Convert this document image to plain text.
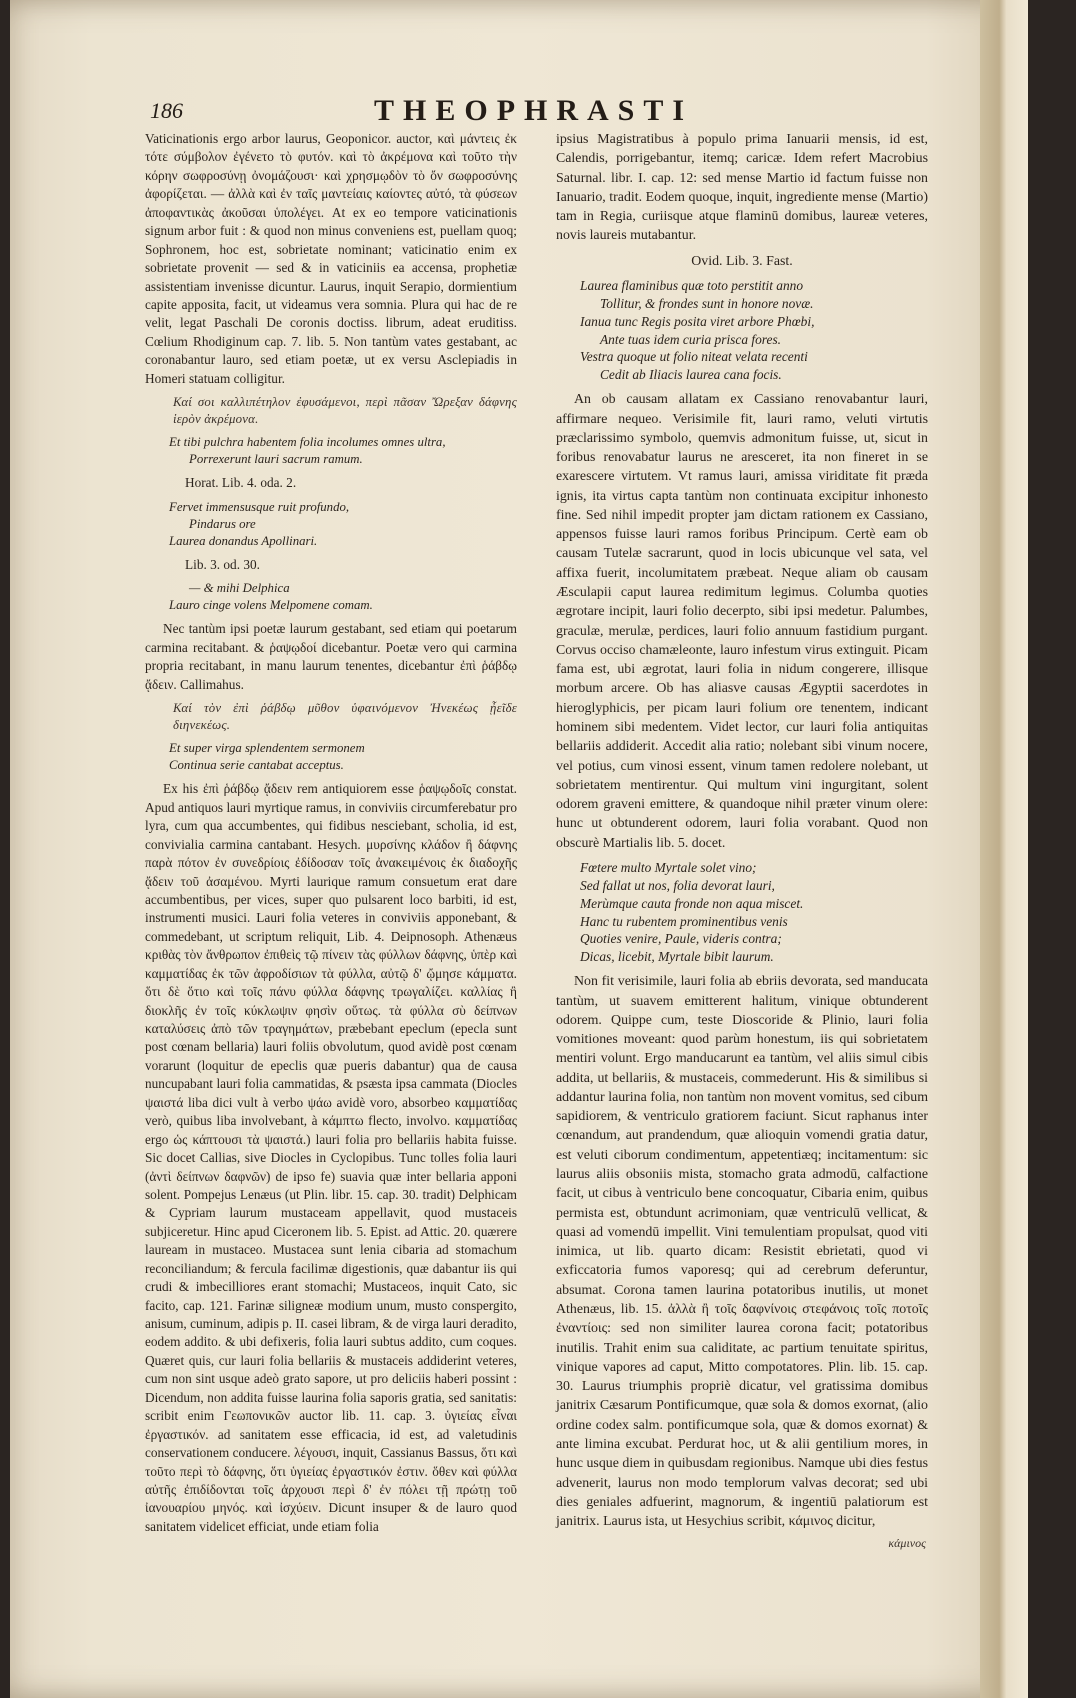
186	THEOPHRASTI

Vaticinationis ergo arbor laurus, Geoponicor. auctor, καὶ μάντεις ἐκ τότε σύμβολον ἐγένετο τὸ φυτόν. καὶ τὸ ἀκρέμονα καὶ τοῦτο τὴν κόρην σωφροσύνῃ ὀνομάζουσι· καὶ χρησμῳδὸν τὸ ὄν σωφροσύνης ἀφορίζεται. — ἀλλὰ καὶ ἐν ταῖς μαντείαις καίοντες αὐτό, τὰ φύσεων ἀποφαντικὰς ἀκοῦσαι ὑπολέγει. At ex eo tempore vaticinationis signum arbor fuit : & quod non minus conveniens est, puellam quoq; Sophronem, hoc est, sobrietate nominant; vaticinatio enim ex sobrietate provenit — sed & in vaticiniis ea accensa, prophetiæ assistentiam invenisse dicuntur. Laurus, inquit Serapio, dormientium capite apposita, facit, ut videamus vera somnia. Plura qui hac de re velit, legat Paschali De coronis doctiss. librum, adeat eruditiss. Cœlium Rhodiginum cap. 7. lib. 5. Non tantùm vates gestabant, ac coronabantur lauro, sed etiam poetæ, ut ex versu Asclepiadis in Homeri statuam colligitur.

Καί σοι καλλιπέτηλον ἐφυσάμενοι, περὶ πᾶσαν Ὤρεξαν δάφνης ἱερὸν ἀκρέμονα.
Et tibi pulchra habentem folia incolumes omnes ultra,
Porrexerunt lauri sacrum ramum.
Horat. Lib. 4. oda. 2.
Fervet immensusque ruit profundo,
Pindarus ore
Laurea donandus Apollinari.
Lib. 3. od. 30.
— & mihi Delphica
Lauro cinge volens Melpomene comam.

Nec tantùm ipsi poetæ laurum gestabant, sed etiam qui poetarum carmina recitabant. & ῥαψῳδοί dicebantur. Poetæ vero qui carmina propria recitabant, in manu laurum tenentes, dicebantur ἐπὶ ῥάβδῳ ᾄδειν. Callimahus.

Καί τὸν ἐπὶ ῥάβδῳ μῦθον ὑφαινόμενον Ἠνεκέως ᾖεῖδε διηνεκέως.
Et super virga splendentem sermonem
Continua serie cantabat acceptus.

Ex his ἐπὶ ῥάβδῳ ᾄδειν rem antiquiorem esse ῥαψῳδοῖς constat. Apud antiquos lauri myrtique ramus, in conviviis circumferebatur pro lyra, cum qua accumbentes, qui fidibus nesciebant, scholia, id est, convivialia carmina cantabant. Hesych. μυρσίνης κλάδον ἢ δάφνης παρὰ πότον ἐν συνεδρίοις ἐδίδοσαν τοῖς ἀνακειμένοις ἐκ διαδοχῆς ᾄδειν τοῦ ἀσαμένου. Myrti laurique ramum consuetum erat dare accumbentibus, per vices, super quo pulsarent loco barbiti, id est, instrumenti musici. Lauri folia veteres in conviviis apponebant, & commedebant, ut scriptum reliquit, Lib. 4. Deipnosoph. Athenæus κριθὰς τὸν ἄνθρωπον ἐπιθεὶς τῷ πίνειν τὰς φύλλων δάφνης, ὑπὲρ καὶ καμματίδας ἐκ τῶν ἀφροδίσιων τὰ φύλλα, αὐτῷ δ' ᾤμησε κάμματα. ὅτι δὲ ὅτιο καὶ τοῖς πάνυ φύλλα δάφνης τρωγαλίζει. καλλίας ἢ διοκλῆς ἐν τοῖς κύκλωψιν φησὶν οὕτως. τὰ φύλλα σὺ δείπνων καταλύσεις ἀπὸ τῶν τραγημάτων, præbebant epeclum (epecla sunt post cœnam bellaria) lauri foliis obvolutum, quod avidè post cœnam vorarunt (loquitur de epeclis quæ pueris dabantur) qua de causa nuncupabant lauri folia cammatidas, & psæsta ipsa cammata (Diocles ψαιστά liba dici vult à verbo ψάω avidè voro, absorbeo καμματίδας verò, quibus liba involvebant, à κάμπτω flecto, involvo. καμματίδας ergo ὡς κάπτουσι τὰ ψαιστά.) lauri folia pro bellariis habita fuisse. Sic docet Callias, sive Diocles in Cyclopibus. Tunc tolles folia lauri (ἀντὶ δείπνων δαφνῶν) de ipso fe) suavia quæ inter bellaria apponi solent. Pompejus Lenæus (ut Plin. libr. 15. cap. 30. tradit) Delphicam & Cypriam laurum mustaceam appellavit, quod mustaceis subjiceretur. Hinc apud Ciceronem lib. 5. Epist. ad Attic. 20. quærere lauream in mustaceo. Mustacea sunt lenia cibaria ad stomachum reconciliandum; & fercula facilimæ digestionis, quæ dabantur iis qui crudi & imbecilliores erant stomachi; Mustaceos, inquit Cato, sic facito, cap. 121. Farinæ siligneæ modium unum, musto conspergito, anisum, cuminum, adipis p. II. casei libram, & de virga lauri deradito, eodem addito. & ubi defixeris, folia lauri subtus addito, cum coques. Quæret quis, cur lauri folia bellariis & mustaceis addiderint veteres, cum non sint usque adeò grato sapore, ut pro deliciis haberi possint : Dicendum, non addita fuisse laurina folia saporis gratia, sed sanitatis: scribit enim Γεωπονικῶν auctor lib. 11. cap. 3. ὑγιείας εἶναι ἐργαστικόν. ad sanitatem esse efficacia, id est, ad valetudinis conservationem conducere. λέγουσι, inquit, Cassianus Bassus, ὅτι καὶ τοῦτο περὶ τὸ δάφνης, ὅτι ὑγιείας ἐργαστικόν ἐστιν. ὅθεν καὶ φύλλα αὐτῆς ἐπιδίδονται τοῖς ἀρχουσι περὶ δ' ἐν πόλει τῇ πρώτῃ τοῦ ἰανουαρίου μηνός. καὶ ἰσχύειν. Dicunt insuper & de lauro quod sanitatem videlicet efficiat, unde etiam folia

ipsius Magistratibus à populo prima Ianuarii mensis, id est, Calendis, porrigebantur, itemq; caricæ. Idem refert Macrobius Saturnal. libr. I. cap. 12: sed mense Martio id factum fuisse non Ianuario, tradit. Eodem quoque, inquit, ingrediente mense (Martio) tam in Regia, curiisque atque flaminū domibus, laureæ veteres, novis laureis mutabantur.

Ovid. Lib. 3. Fast.
Laurea flaminibus quæ toto perstitit anno
Tollitur, & frondes sunt in honore novæ.
Ianua tunc Regis posita viret arbore Phœbi,
Ante tuas idem curia prisca fores.
Vestra quoque ut folio niteat velata recenti
Cedit ab Iliacis laurea cana focis.

An ob causam allatam ex Cassiano renovabantur lauri, affirmare nequeo. Verisimile fit, lauri ramo, veluti virtutis præclarissimo symbolo, quemvis admonitum fuisse, ut, sicut in foribus renovabatur laurus ne aresceret, ita non fineret in se exarescere virtutem. Vt ramus lauri, amissa viriditate fit præda ignis, ita virtus capta tantùm non continuata excipitur inhonesto fine. Sed nihil impedit propter jam dictam rationem ex Cassiano, appensos fuisse lauri ramos foribus Principum. Certè eam ob causam Tutelæ sacrarunt, quod in locis ubicunque vel sata, vel affixa fuerit, incolumitatem præbeat. Neque aliam ob causam Æsculapii caput laurea redimitum legimus. Columba quoties ægrotare incipit, lauri folio decerpto, sibi ipsi medetur. Palumbes, graculæ, merulæ, perdices, lauri folio annuum fastidium purgant. Corvus occiso chamæleonte, lauro infestum virus extinguit. Picam fama est, ubi ægrotat, lauri folia in nidum congerere, illisque morbum arcere. Ob has aliasve causas Ægyptii sacerdotes in hieroglyphicis, per picam lauri folium ore tenentem, indicant hominem sibi medentem. Videt lector, cur lauri folia antiquitas bellariis addiderit. Accedit alia ratio; nolebant sibi vinum nocere, vel potius, cum vinosi essent, vinum tamen redolere nolebant, ut sobrietatem mentirentur. Qui multum vini ingurgitant, solent odorem graveni emittere, & quandoque nihil præter vinum olere: hunc ut obtunderent odorem, lauri folia vorabant. Quod non obscurè Martialis lib. 5. docet.

Fœtere multo Myrtale solet vino;
Sed fallat ut nos, folia devorat lauri,
Merùmque cauta fronde non aqua miscet.
Hanc tu rubentem prominentibus venis
Quoties venire, Paule, videris contra;
Dicas, licebit, Myrtale bibit laurum.

Non fit verisimile, lauri folia ab ebriis devorata, sed manducata tantùm, ut suavem emitterent halitum, vinique obtunderent odorem. Quippe cum, teste Dioscoride & Plinio, lauri folia vomitiones moveant: quod parùm honestum, iis qui sobrietatem mentiri volunt. Ergo manducarunt ea tantùm, vel aliis simul cibis addita, ut bellariis, & mustaceis, commederunt. His & similibus si addantur laurina folia, non tantùm non movent vomitus, sed cibum sapidiorem, & ventriculo gratiorem faciunt. Sicut raphanus inter cœnandum, aut prandendum, quæ alioquin vomendi gratia datur, est veluti ciborum condimentum, appetentiæq; incitamentum: sic laurus aliis obsoniis mista, stomacho grata admodū, calfactione facit, ut cibus à ventriculo bene concoquatur, Cibaria enim, quibus permista est, obtundunt acrimoniam, quæ ventriculū vellicat, & quasi ad vomendū impellit. Vini temulentiam propulsat, quod viti inimica, ut lib. quarto dicam: Resistit ebrietati, quod vi exficcatoria fumos vaporesq; qui ad cerebrum deferuntur, absumat. Corona tamen laurina potatoribus inutilis, ut monet Athenæus, lib. 15. ἀλλὰ ἢ τοῖς δαφνίνοις στεφάνοις τοῖς ποτοῖς ἐναντίοις: sed non similiter laurea corona facit; potatoribus inutilis. Trahit enim sua caliditate, ac partium tenuitate spiritus, vinique vapores ad caput, Mitto compotatores. Plin. lib. 15. cap. 30. Laurus triumphis propriè dicatur, vel gratissima domibus janitrix Cæsarum Pontificumque, quæ sola & domos exornat, (alio ordine codex salm. pontificumque sola, quæ & domos exornat) & ante limina excubat. Perdurat hoc, ut & alii gentilium mores, in hunc usque diem in quibusdam regionibus. Namque ubi dies festus advenerit, laurus non modo templorum valvas decorat; sed ubi dies geniales adfuerint, magnorum, & ingentiū palatiorum est janitrix. Laurus ista, ut Hesychius scribit, κάμινος dicitur,

κάμινος
